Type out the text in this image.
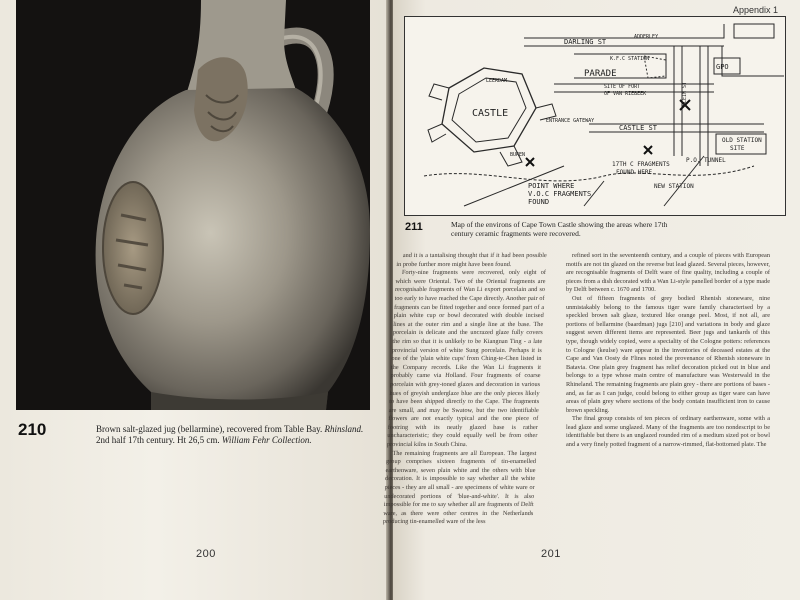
210	Brown salt-glazed jug (bellarmine), recovered from Table Bay. Rhinsland.
2nd half 17th century. Ht 26,5 cm. William Fehr Collection.
200
Appendix 1
DARLING ST
PARADE
CASTLE
CASTLE ST
GPO
ADDERLEY
PLEIN ST
K.F.C STATION
SITE OF FORT
OF VAN RIEBEEK
ENTRANCE GATEWAY
LEERDAM
BUREN
17TH C FRAGMENTS
FOUND HERE
OLD STATION
SITE
P.O. TUNNEL
NEW STATION
POINT WHERE
V.O.C FRAGMENTS
FOUND
211	Map of the environs of Cape Town Castle showing the areas where 17th
century ceramic fragments were recovered.
201

and it is a tantalising thought that if it had been possible in probe further more might have been found.

Forty-nine fragments were recovered, only eight of which were Oriental. Two of the Oriental fragments are recognisable fragments of Wan Li export porcelain and so too early to have reached the Cape directly. Another pair of fragments can be fitted together and once formed part of a plain white cup or bowl decorated with double incised lines at the outer rim and a single line at the base. The porcelain is delicate and the uncrazed glaze fully covers the rim so that it is unlikely to be Kiangnan Ting - a late provincial version of white Sung porcelain. Perhaps it is one of the 'plain white cups' from Ching-te-Chen listed in the Company records. Like the Wan Li fragments it probably came via Holland. Four fragments of coarse porcelain with grey-toned glazes and decoration in various hues of greyish underglaze blue are the only pieces likely to have been shipped directly to the Cape. The fragments are small, and may be Swatow, but the two identifiable flowers are not exactly typical and the one piece of footring with its neatly glazed base is rather uncharacteristic; they could equally well be from other provincial kilns in South China.

The remaining fragments are all European. The largest group comprises sixteen fragments of tin-enamelled earthenware, seven plain white and the others with blue decoration. It is impossible to say whether all the white pieces - they are all small - are specimens of white ware or undecorated portions of 'blue-and-white'. It is also impossible for me to say whether all are fragments of Delft ware, as there were other centres in the Netherlands producing tin-enamelled ware of the less

refined sort in the seventeenth century, and a couple of pieces with European motifs are not tin glazed on the reverse but lead glazed. Several pieces, however, are recognisable fragments of Delft ware of fine quality, including a couple of pieces from a dish decorated with a Wan Li-style panelled border of a type made by Delft between c. 1670 and 1700.

Out of fifteen fragments of grey bodied Rhenish stoneware, nine unmistakably belong to the famous tiger ware family characterised by a speckled brown salt glaze, textured like orange peel. Most, if not all, are portions of bellarmine (baardman) jugs [210] and variations in body and glaze suggest seven different items are represented. Beer jugs and tankards of this type, though widely copied, were a speciality of the Cologne potters: references to Cologne (keulse) ware appear in the inventories of deceased estates at the Cape and Van Oosty de Flines noted the provenance of Rhenish stoneware in Batavia. One plain grey fragment has relief decoration picked out in blue and belongs to a type whose main centre of manufacture was Westerwald in the Rhineland. The remaining fragments are plain grey - there are portions of bases - and, as far as I can judge, could belong to either group as tiger ware can have areas of plain grey where sections of the body contain insufficient iron to cause brown speckling.

The final group consists of ten pieces of ordinary earthenware, some with a lead glaze and some unglazed. Many of the fragments are too nondescript to be identifiable but there is an unglazed rounded rim of a medium sized pot or bowl and a very finely potted fragment of a narrow-rimmed, flat-bottomed plate. The
